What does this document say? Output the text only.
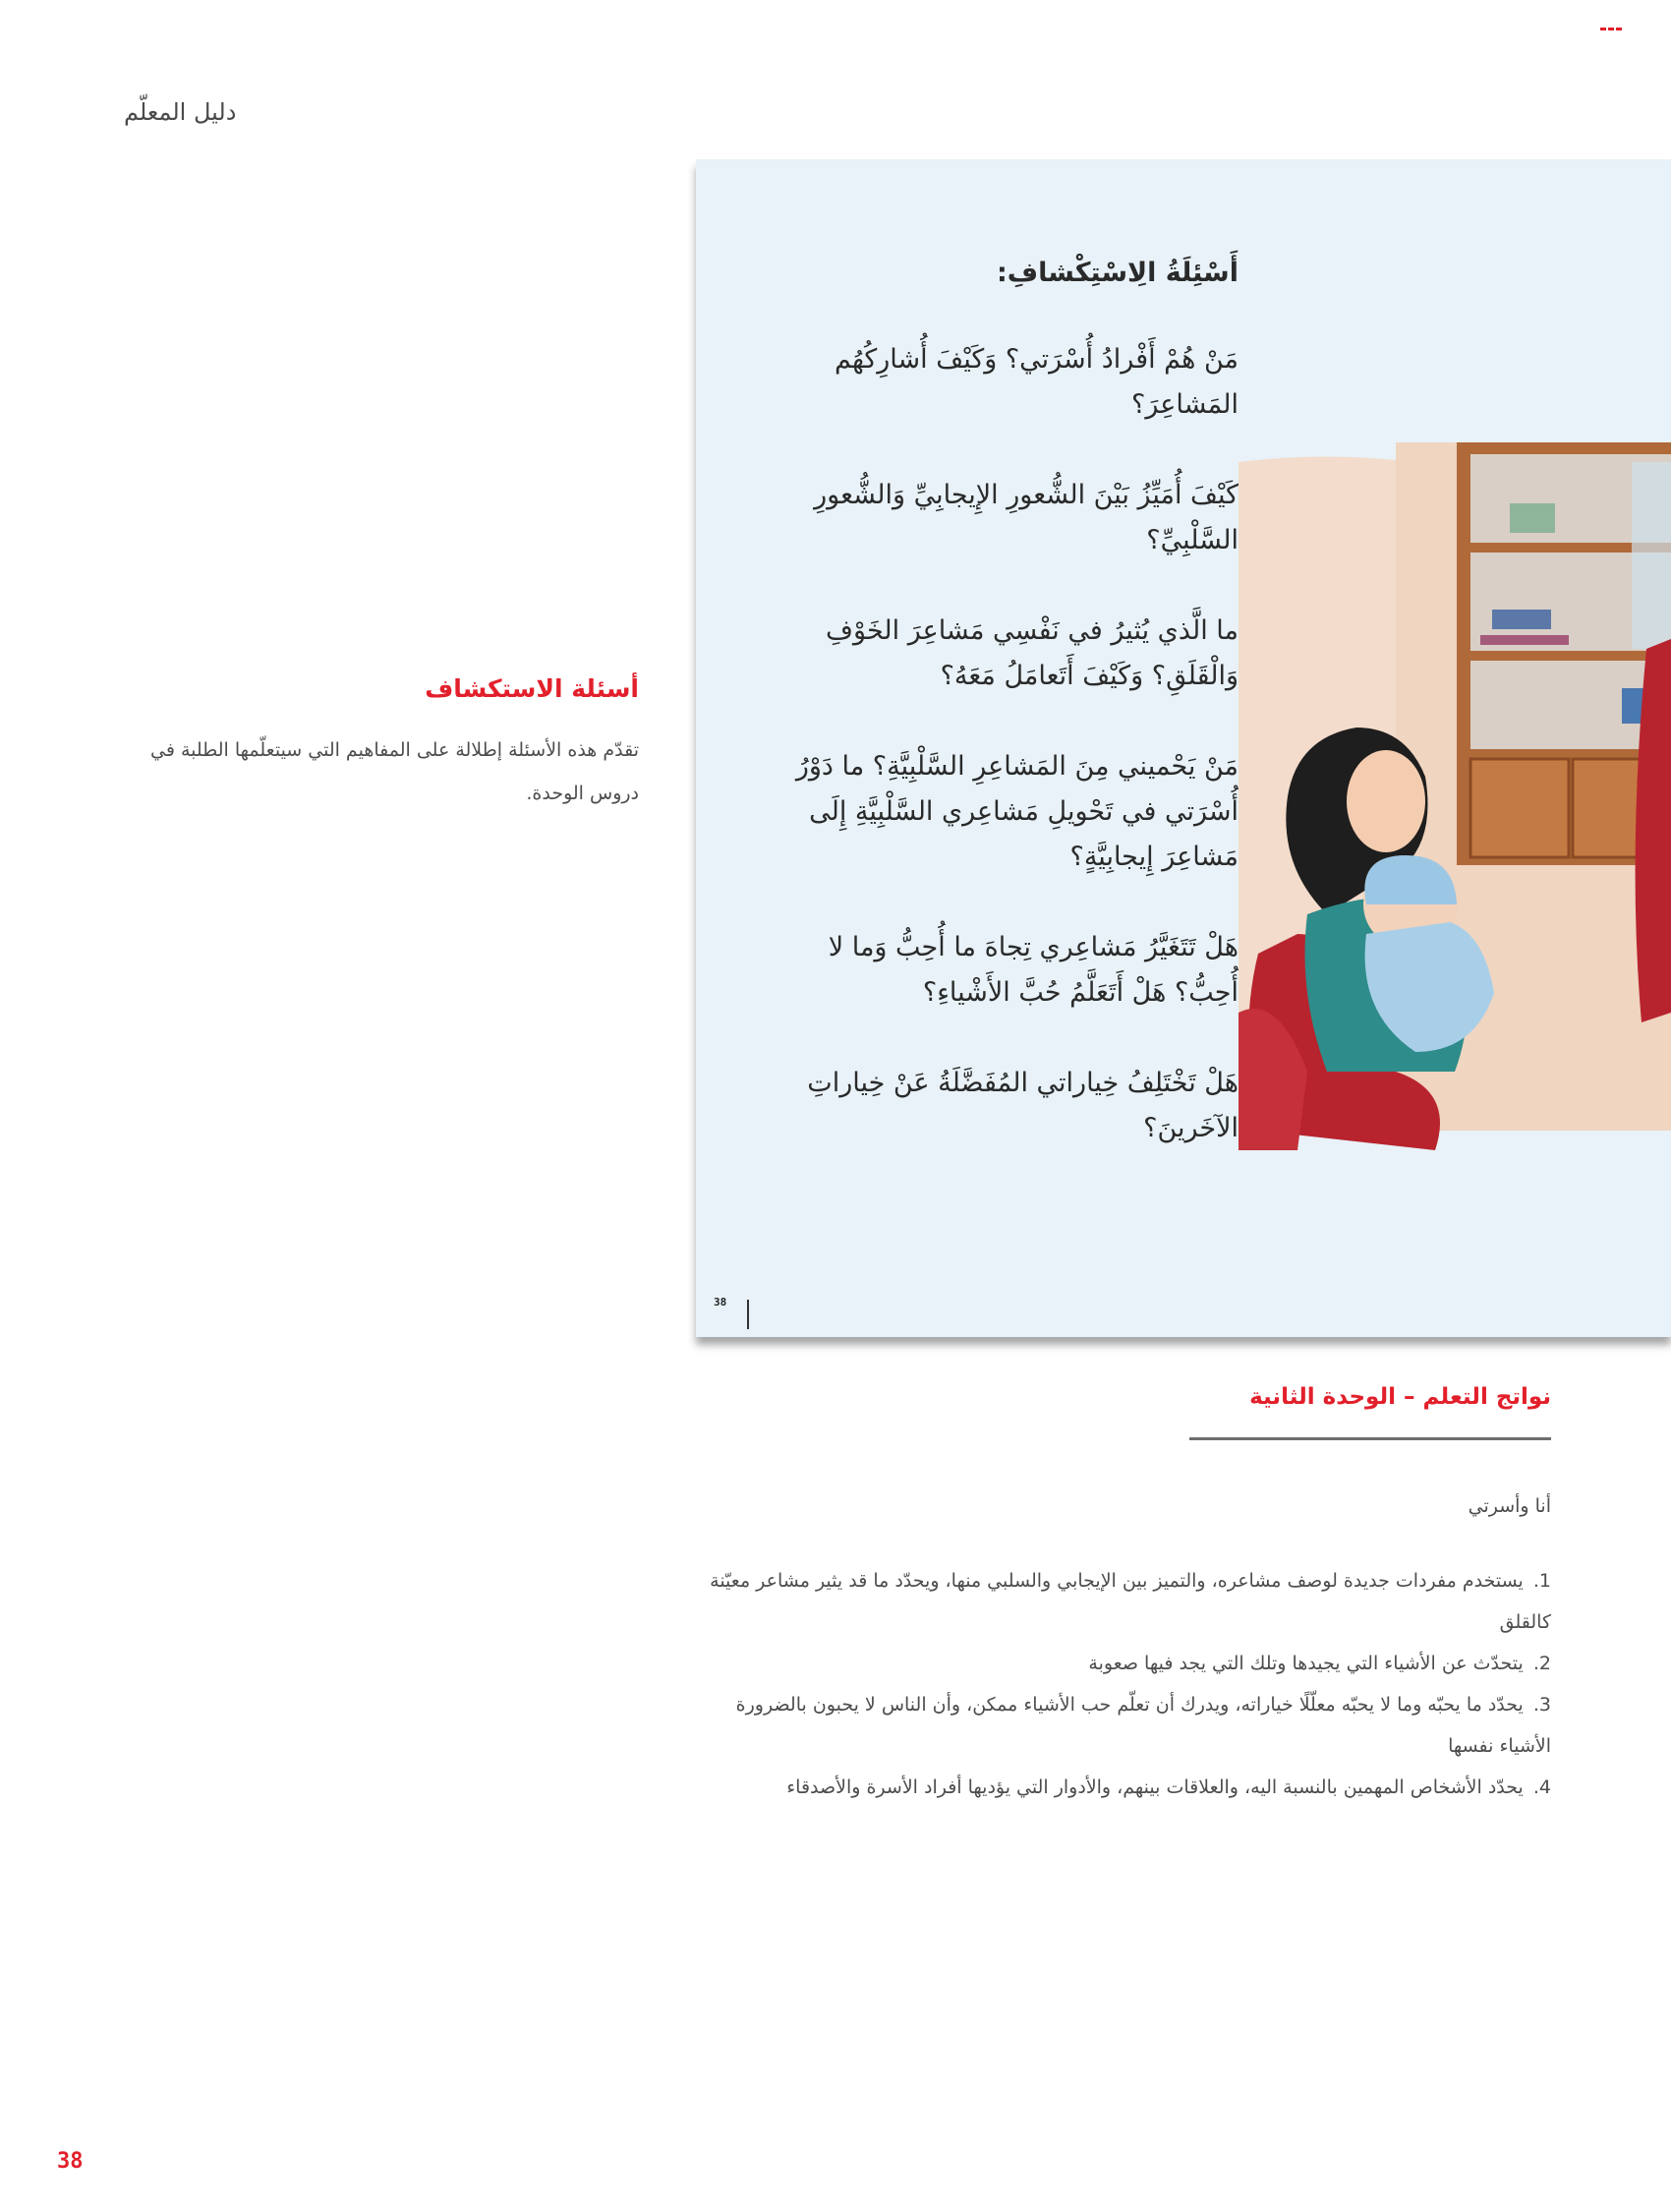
دليل المعلّم
أسئلة الاستكشاف

تقدّم هذه الأسئلة إطلالة على المفاهيم التي سيتعلّمها الطلبة في دروس الوحدة.

أَسْئِلَةُ الِاسْتِكْشافِ:
مَنْ هُمْ أَفْرادُ أُسْرَتي؟ وَكَيْفَ أُشارِكُهُم المَشاعِرَ؟
كَيْفَ أُمَيِّزُ بَيْنَ الشُّعورِ الإِيجابِيِّ وَالشُّعورِ السَّلْبِيِّ؟
ما الَّذي يُثيرُ في نَفْسِي مَشاعِرَ الخَوْفِ وَالْقَلَقِ؟ وَكَيْفَ أَتَعامَلُ مَعَهُ؟
مَنْ يَحْميني مِنَ المَشاعِرِ السَّلْبِيَّةِ؟ ما دَوْرُ أُسْرَتي في تَحْويلِ مَشاعِري السَّلْبِيَّةِ إِلَى مَشاعِرَ إِيجابِيَّةٍ؟
هَلْ تَتَغَيَّرُ مَشاعِري تِجاهَ ما أُحِبُّ وَما لا أُحِبُّ؟ هَلْ أَتَعَلَّمُ حُبَّ الأَشْياءِ؟
هَلْ تَخْتَلِفُ خِياراتي المُفَضَّلَةُ عَنْ خِياراتِ الآخَرينَ؟
38
نواتج التعلم – الوحدة الثانية
أنا وأسرتي
1. يستخدم مفردات جديدة لوصف مشاعره، والتميز بين الإيجابي والسلبي منها، ويحدّد ما قد يثير مشاعر معيّنة كالقلق
2. يتحدّث عن الأشياء التي يجيدها وتلك التي يجد فيها صعوبة
3. يحدّد ما يحبّه وما لا يحبّه معلّلًا خياراته، ويدرك أن تعلّم حب الأشياء ممكن، وأن الناس لا يحبون بالضرورة الأشياء نفسها
4. يحدّد الأشخاص المهمين بالنسبة اليه، والعلاقات بينهم، والأدوار التي يؤديها أفراد الأسرة والأصدقاء
38
